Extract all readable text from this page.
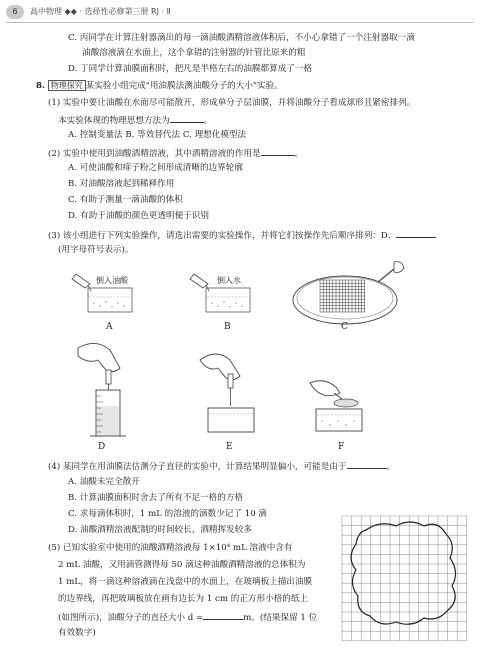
6	高中物理 ◆◆ · 选择性必修第三册 RJ · Ⅱ
C. 丙同学在计算注射器滴出的每一滴油酸酒精溶液体积后，不小心拿错了一个注射器取一滴
油酸溶液滴在水面上，这个拿错的注射器的针管比原来的粗
D. 丁同学计算油膜面积时，把凡是半格左右的油膜都算成了一格
8. 物理探究 某实验小组完成"用油膜法测油酸分子的大小"实验。
(1) 实验中要让油酸在水面尽可能散开，形成单分子层油膜，并将油酸分子看成球形且紧密排列。
本实验体现的物理思想方法为	。
A. 控制变量法 B. 等效替代法 C. 理想化模型法
(2) 实验中使用到油酸酒精溶液，其中酒精溶液的作用是	。
A. 可使油酸和痱子粉之间形成清晰的边界轮廓
B. 对油酸溶液起到稀释作用
C. 有助于测量一滴油酸的体积
D. 有助于油酸的颜色更透明便于识别
(3) 该小组进行下列实验操作，请选出需要的实验操作，并将它们按操作先后顺序排列：D、
(用字母符号表示)。
倒入油酸
A
倒入水
B	C
D	E	F
(4) 某同学在用油膜法估测分子直径的实验中，计算结果明显偏小，可能是由于	。
A. 油酸未完全散开
B. 计算油膜面积时舍去了所有不足一格的方格
C. 求每滴体积时，1 mL 的溶液的滴数少记了 10 滴
D. 油酸酒精溶液配制的时间较长，酒精挥发较多
(5) 已知实验室中使用的油酸酒精溶液每 1×10⁴ mL 溶液中含有
2 mL 油酸，又用滴管测得每 50 滴这种油酸酒精溶液的总体积为
1 mL，将一滴这种溶液滴在浅盘中的水面上，在玻璃板上描出油膜
的边界线，再把玻璃板放在画有边长为 1 cm 的正方形小格的纸上
(如图所示)，油酸分子的直径大小 d =	m。(结果保留 1 位
有效数字)
